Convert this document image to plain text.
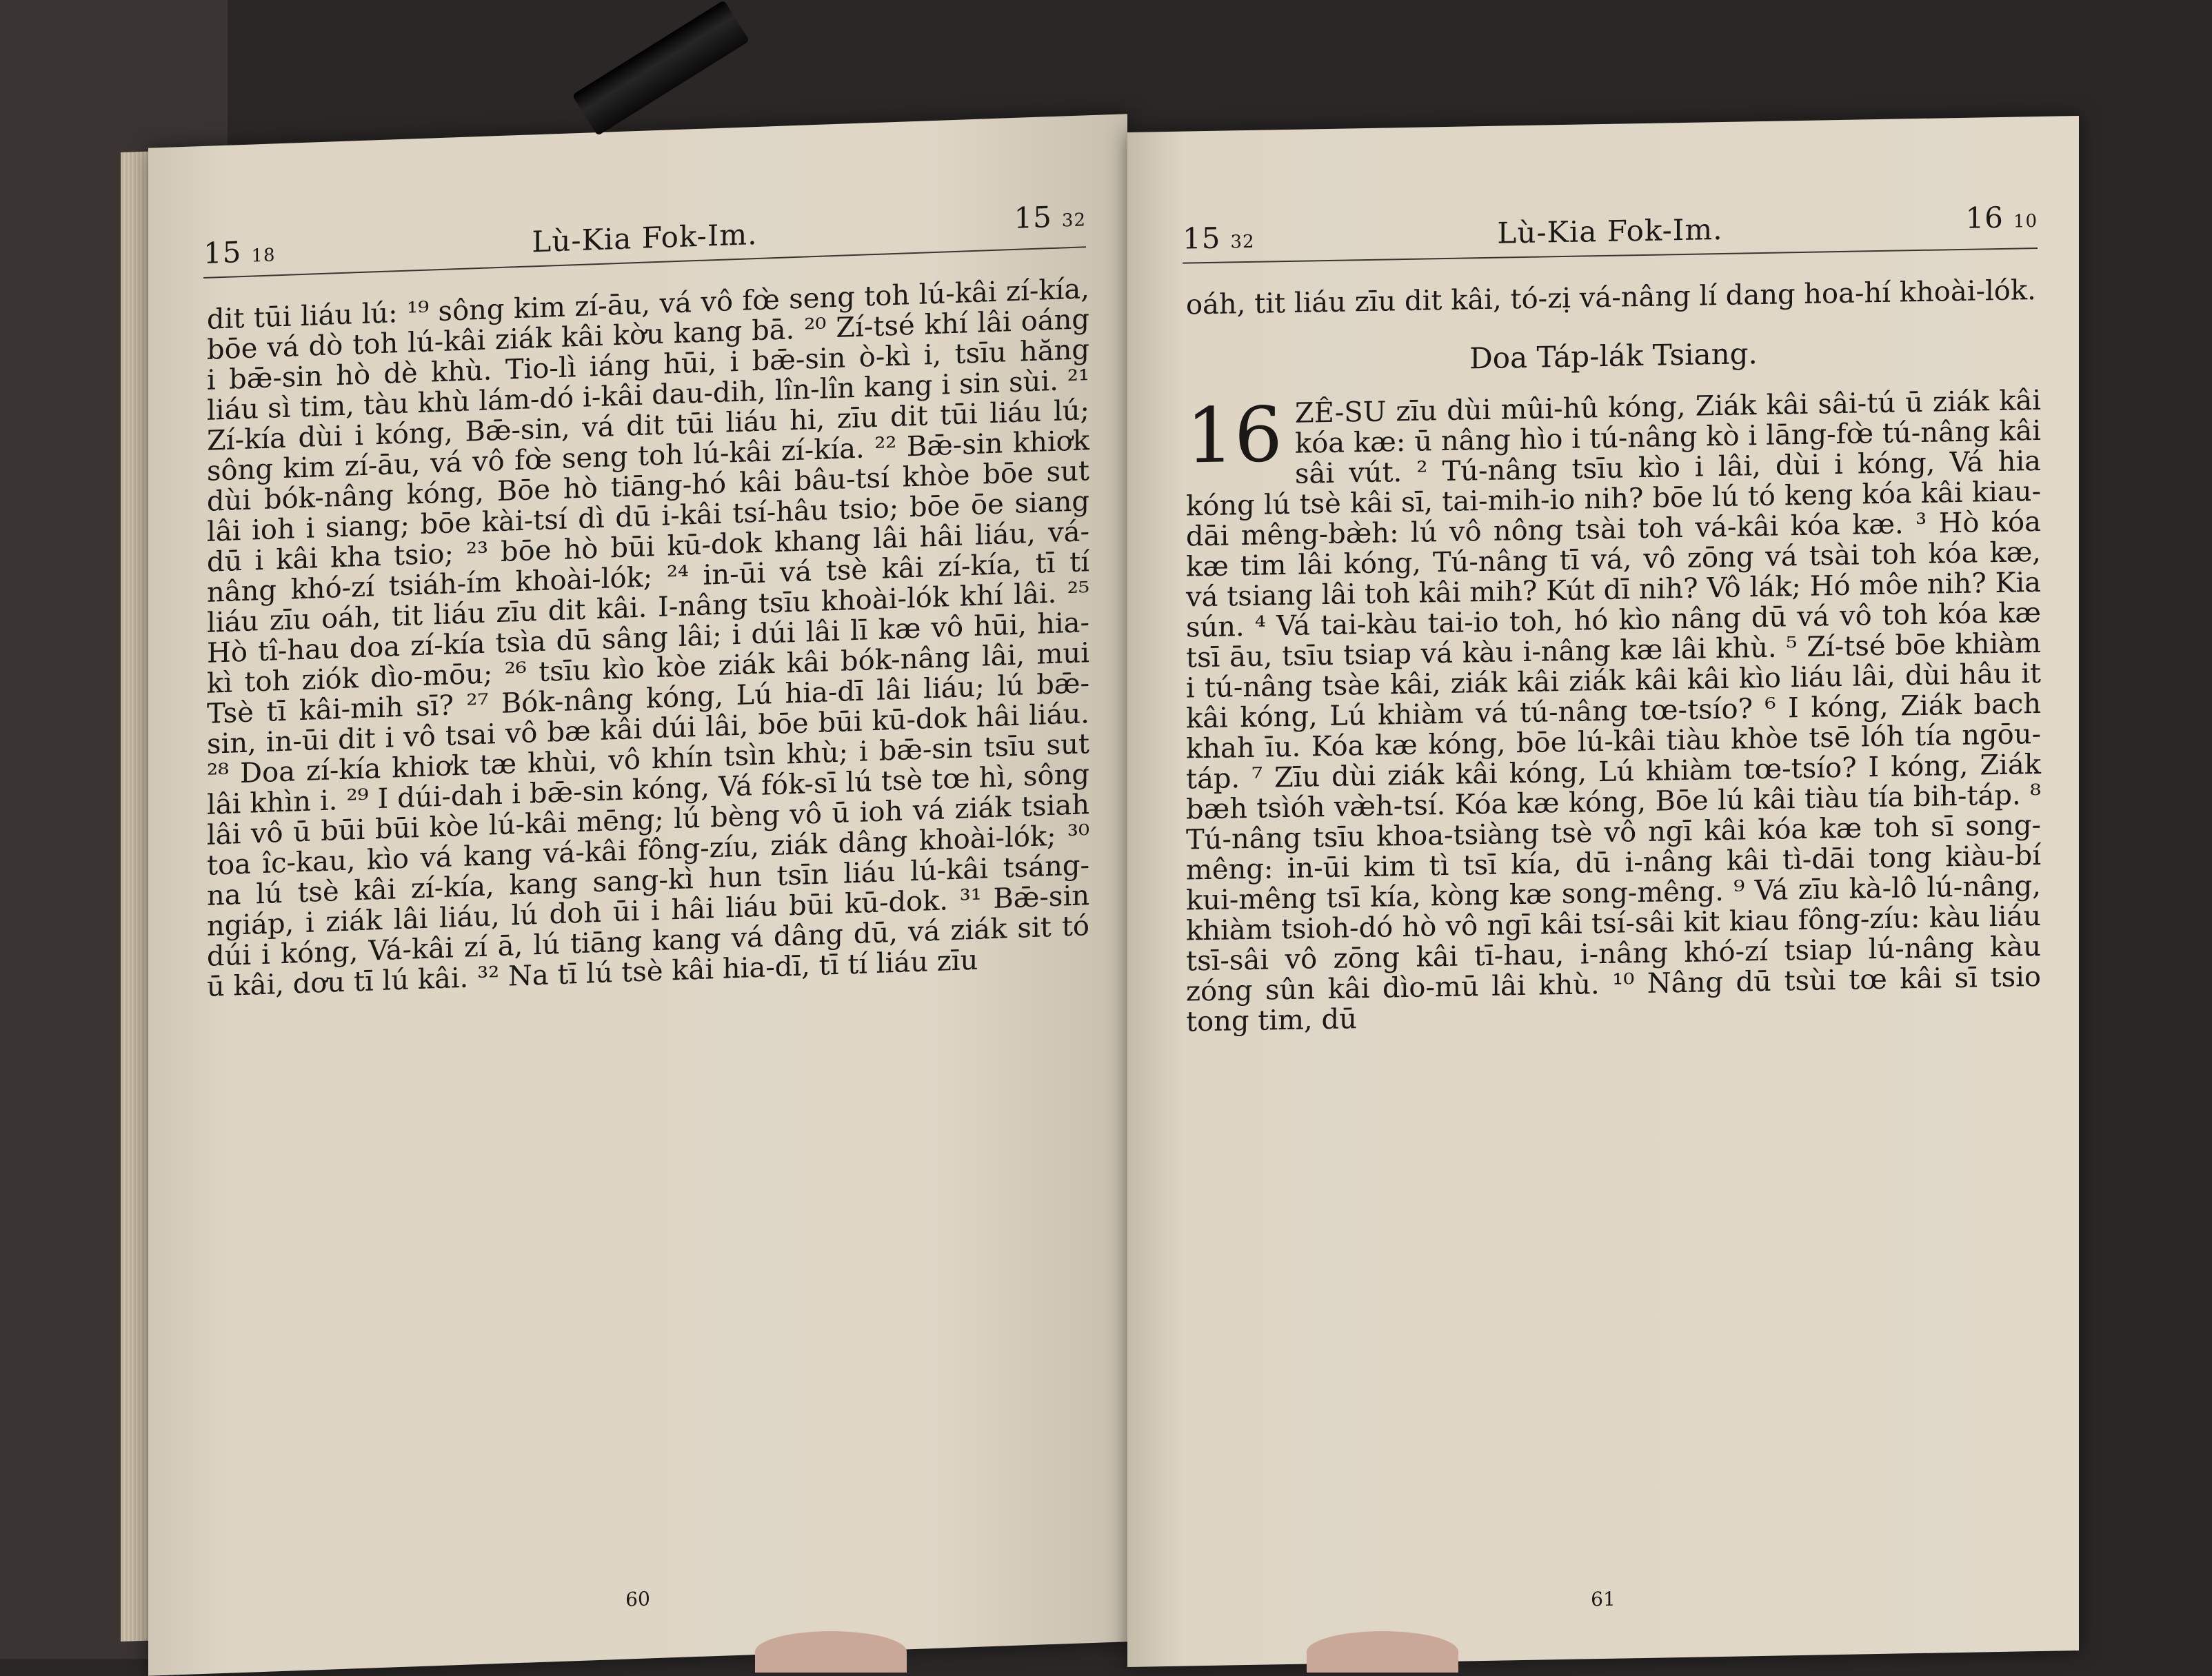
15 18	Lù-Kia Fok-Im.	15 32

dit tūi liáu lú: ¹⁹ sông kim zí-āu, vá vô fœ̀ seng toh lú-kâi zí-kía, bōe vá dò toh lú-kâi ziák kâi kờu kang bā. ²⁰ Zí-tsé khí lâi oáng i bǣ-sin hò dè khù. Tio-lì iáng hūi, i bǣ-sin ò-kì i, tsīu hăng liáu sì tim, tàu khù lám-dó i-kâi dau-dih, lîn-lîn kang i sin sùi. ²¹ Zí-kía dùi i kóng, Bǣ-sin, vá dit tūi liáu hi, zīu dit tūi liáu lú; sông kim zí-āu, vá vô fœ̀ seng toh lú-kâi zí-kía. ²² Bǣ-sin khiơk dùi bók-nâng kóng, Bōe hò tiāng-hó kâi bâu-tsí khòe bōe sut lâi ioh i siang; bōe kài-tsí dì dū i-kâi tsí-hâu tsio; bōe ōe siang dū i kâi kha tsio; ²³ bōe hò būi kū-dok khang lâi hâi liáu, vá-nâng khó-zí tsiáh-ím khoài-lók; ²⁴ in-ūi vá tsè kâi zí-kía, tī tí liáu zīu oáh, tit liáu zīu dit kâi. I-nâng tsīu khoài-lók khí lâi. ²⁵ Hò tî-hau doa zí-kía tsìa dū sâng lâi; i dúi lâi lī kæ vô hūi, hia-kì toh ziók dìo-mōu; ²⁶ tsīu kìo kòe ziák kâi bók-nâng lâi, mui Tsè tī kâi-mih sī? ²⁷ Bók-nâng kóng, Lú hia-dī lâi liáu; lú bǣ-sin, in-ūi dit i vô tsai vô bæ kâi dúi lâi, bōe būi kū-dok hâi liáu. ²⁸ Doa zí-kía khiơk tæ khùi, vô khín tsìn khù; i bǣ-sin tsīu sut lâi khìn i. ²⁹ I dúi-dah i bǣ-sin kóng, Vá fók-sī lú tsè tœ hì, sông lâi vô ū būi būi kòe lú-kâi mēng; lú bèng vô ū ioh vá ziák tsiah toa îc-kau, kìo vá kang vá-kâi fông-zíu, ziák dâng khoài-lók; ³⁰ na lú tsè kâi zí-kía, kang sang-kì hun tsīn liáu lú-kâi tsáng-ngiáp, i ziák lâi liáu, lú doh ūi i hâi liáu būi kū-dok. ³¹ Bǣ-sin dúi i kóng, Vá-kâi zí ā, lú tiāng kang vá dâng dū, vá ziák sit tó ū kâi, dơu tī lú kâi. ³² Na tī lú tsè kâi hia-dī, tī tí liáu zīu

60
15 32	Lù-Kia Fok-Im.	16 10

oáh, tit liáu zīu dit kâi, tó-zị vá-nâng lí dang hoa-hí khoài-lók.

Doa Táp-lák Tsiang.

16 ZÊ-SU zīu dùi mûi-hû kóng, Ziák kâi sâi-tú ū ziák kâi kóa kæ: ū nâng hìo i tú-nâng kò i lāng-fœ̀ tú-nâng kâi sâi vút. ² Tú-nâng tsīu kìo i lâi, dùi i kóng, Vá hia kóng lú tsè kâi sī, tai-mih-io nih? bōe lú tó keng kóa kâi kiau-dāi mêng-bæ̀h: lú vô nông tsài toh vá-kâi kóa kæ. ³ Hò kóa kæ tim lâi kóng, Tú-nâng tī vá, vô zōng vá tsài toh kóa kæ, vá tsiang lâi toh kâi mih? Kút dī nih? Vô lák; Hó môe nih? Kia sún. ⁴ Vá tai-kàu tai-io toh, hó kìo nâng dū vá vô toh kóa kæ tsī āu, tsīu tsiap vá kàu i-nâng kæ lâi khù. ⁵ Zí-tsé bōe khiàm i tú-nâng tsàe kâi, ziák kâi ziák kâi kâi kìo liáu lâi, dùi hâu it kâi kóng, Lú khiàm vá tú-nâng tœ-tsío? ⁶ I kóng, Ziák bach khah īu. Kóa kæ kóng, bōe lú-kâi tiàu khòe tsē lóh tía ngōu-táp. ⁷ Zīu dùi ziák kâi kóng, Lú khiàm tœ-tsío? I kóng, Ziák bæh tsìóh væ̀h-tsí. Kóa kæ kóng, Bōe lú kâi tiàu tía bih-táp. ⁸ Tú-nâng tsīu khoa-tsiàng tsè vô ngī kâi kóa kæ toh sī song-mêng: in-ūi kim tì tsī kía, dū i-nâng kâi tì-dāi tong kiàu-bí kui-mêng tsī kía, kòng kæ song-mêng. ⁹ Vá zīu kà-lô lú-nâng, khiàm tsioh-dó hò vô ngī kâi tsí-sâi kit kiau fông-zíu: kàu liáu tsī-sâi vô zōng kâi tī-hau, i-nâng khó-zí tsiap lú-nâng kàu zóng sûn kâi dìo-mū lâi khù. ¹⁰ Nâng dū tsùi tœ kâi sī tsio tong tim, dū

61
